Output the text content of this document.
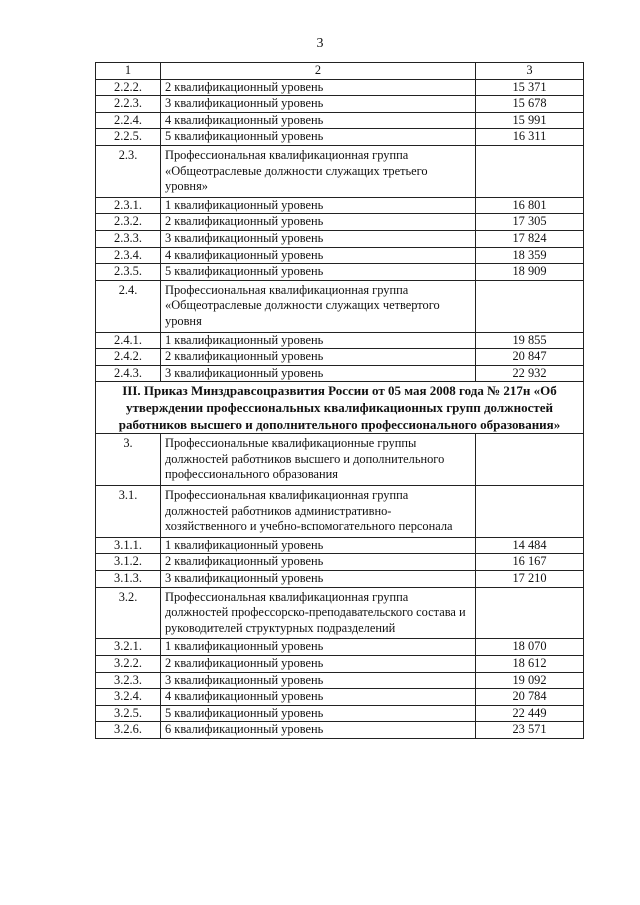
3
1	2	3
2.2.2.	2 квалификационный уровень	15 371
2.2.3.	3 квалификационный уровень	15 678
2.2.4.	4 квалификационный уровень	15 991
2.2.5.	5 квалификационный уровень	16 311
2.3.	Профессиональная квалификационная группа «Общеотраслевые должности служащих третьего уровня»	
2.3.1.	1 квалификационный уровень	16 801
2.3.2.	2 квалификационный уровень	17 305
2.3.3.	3 квалификационный уровень	17 824
2.3.4.	4 квалификационный уровень	18 359
2.3.5.	5 квалификационный уровень	18 909
2.4.	Профессиональная квалификационная группа «Общеотраслевые должности служащих четвертого уровня	
2.4.1.	1 квалификационный уровень	19 855
2.4.2.	2 квалификационный уровень	20 847
2.4.3.	3 квалификационный уровень	22 932
III. Приказ Минздравсоцразвития России от 05 мая 2008 года № 217н «Об утверждении профессиональных квалификационных групп должностей работников высшего и дополнительного профессионального образования»		
3.	Профессиональные квалификационные группы должностей работников высшего и дополнительного профессионального образования	
3.1.	Профессиональная квалификационная группа должностей работников административно-хозяйственного и учебно-вспомогательного персонала	
3.1.1.	1 квалификационный уровень	14 484
3.1.2.	2 квалификационный уровень	16 167
3.1.3.	3 квалификационный уровень	17 210
3.2.	Профессиональная квалификационная группа должностей профессорско-преподавательского состава и руководителей структурных подразделений	
3.2.1.	1 квалификационный уровень	18 070
3.2.2.	2 квалификационный уровень	18 612
3.2.3.	3 квалификационный уровень	19 092
3.2.4.	4 квалификационный уровень	20 784
3.2.5.	5 квалификационный уровень	22 449
3.2.6.	6 квалификационный уровень	23 571
